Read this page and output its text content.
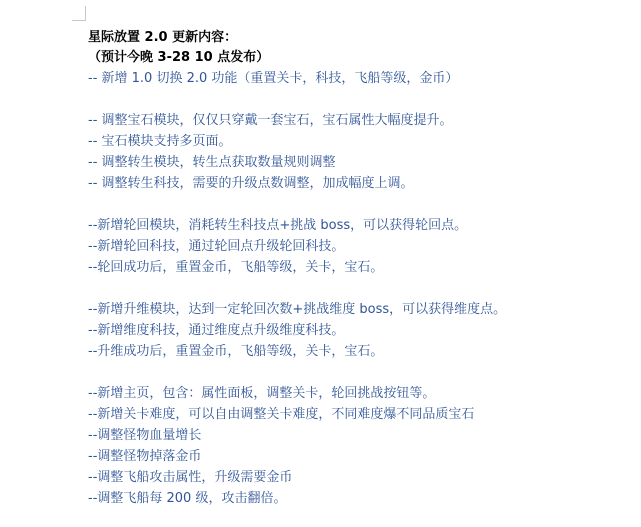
星际放置 2.0 更新内容：
（预计今晚 3-28 10 点发布）
-- 新增 1.0 切换 2.0 功能（重置关卡，科技，飞船等级，金币）
-- 调整宝石模块，仅仅只穿戴一套宝石，宝石属性大幅度提升。
-- 宝石模块支持多页面。
-- 调整转生模块，转生点获取数量规则调整
-- 调整转生科技，需要的升级点数调整，加成幅度上调。
--新增轮回模块，消耗转生科技点+挑战 boss，可以获得轮回点。
--新增轮回科技，通过轮回点升级轮回科技。
--轮回成功后，重置金币，飞船等级，关卡，宝石。
--新增升维模块，达到一定轮回次数+挑战维度 boss，可以获得维度点。
--新增维度科技，通过维度点升级维度科技。
--升维成功后，重置金币，飞船等级，关卡，宝石。
--新增主页，包含：属性面板，调整关卡，轮回挑战按钮等。
--新增关卡难度，可以自由调整关卡难度，不同难度爆不同品质宝石
--调整怪物血量增长
--调整怪物掉落金币
--调整飞船攻击属性，升级需要金币
--调整飞船每 200 级，攻击翻倍。
